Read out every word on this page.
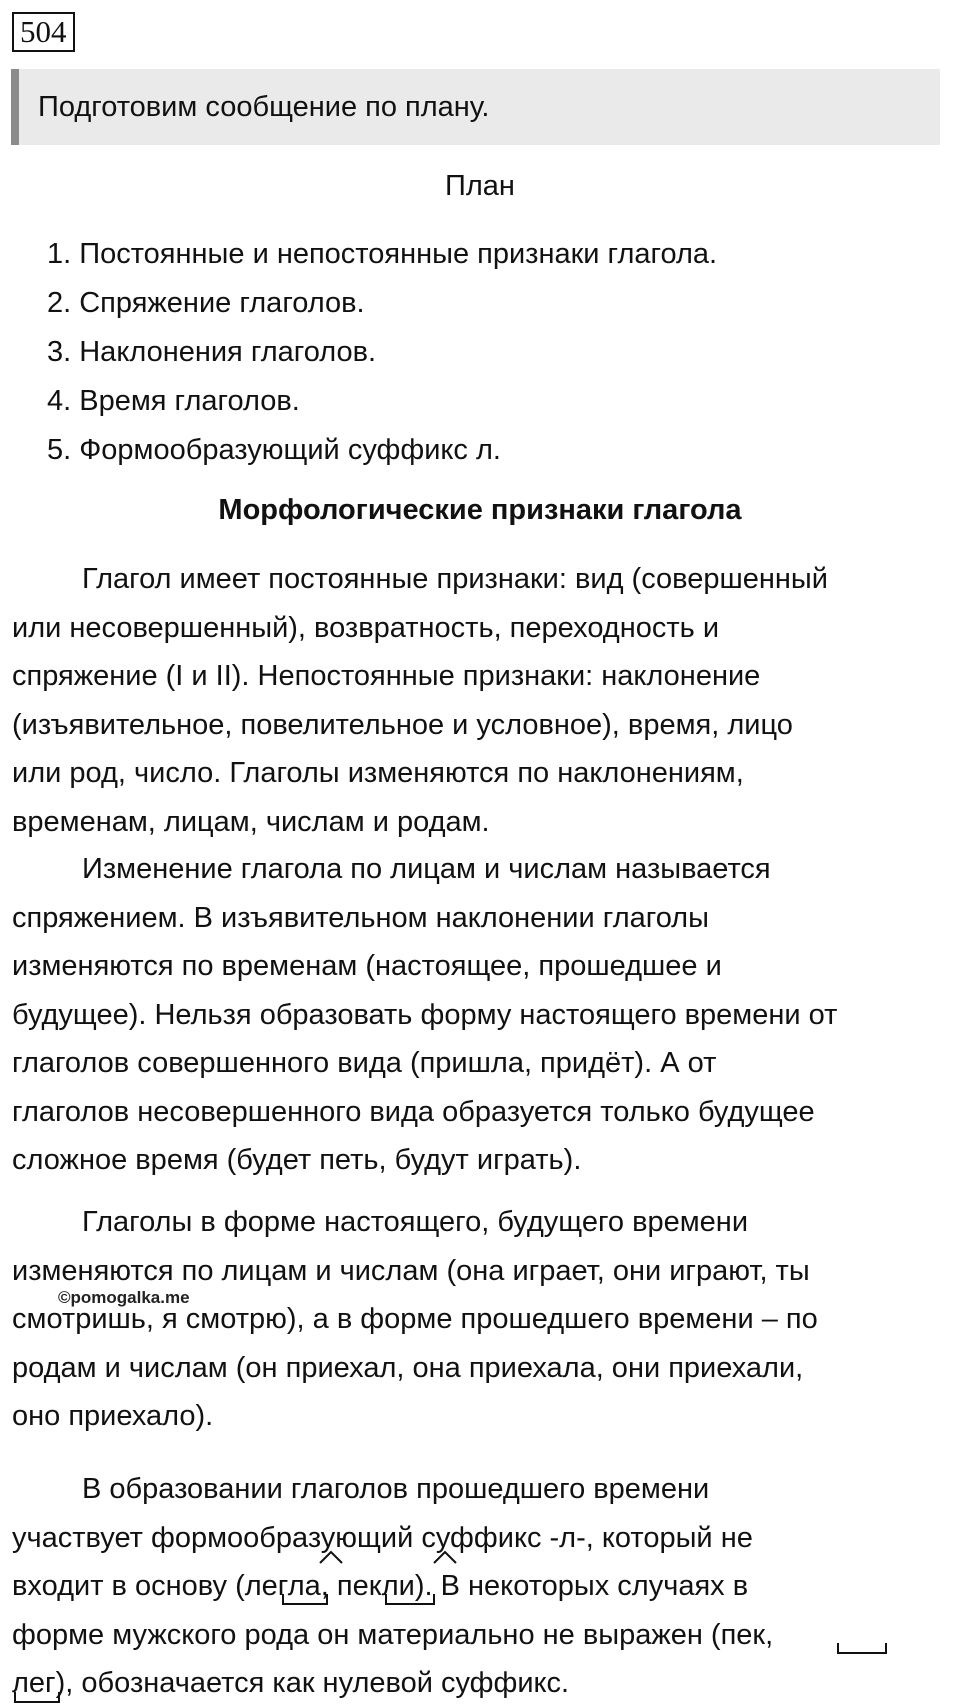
504
Подготовим сообщение по плану.
План
1. Постоянные и непостоянные признаки глагола.
2. Спряжение глаголов.
3. Наклонения глаголов.
4. Время глаголов.
5. Формообразующий суффикс л.
Морфологические признаки глагола

Глагол имеет постоянные признаки: вид (совершенный
или несовершенный), возвратность, переходность и
спряжение (I и II). Непостоянные признаки: наклонение
(изъявительное, повелительное и условное), время, лицо
или род, число. Глаголы изменяются по наклонениям,
временам, лицам, числам и родам.

Изменение глагола по лицам и числам называется
спряжением. В изъявительном наклонении глаголы
изменяются по временам (настоящее, прошедшее и
будущее). Нельзя образовать форму настоящего времени от
глаголов совершенного вида (пришла, придёт). А от
глаголов несовершенного вида образуется только будущее
сложное время (будет петь, будут играть).

Глаголы в форме настоящего, будущего времени
изменяются по лицам и числам (она играет, они играют, ты
смотришь, я смотрю), а в форме прошедшего времени – по
родам и числам (он приехал, она приехала, они приехали,
оно приехало).

В образовании глаголов прошедшего времени
участвует формообразующий суффикс -л-, который не
входит в основу (легла, пекли). В некоторых случаях в
форме мужского рода он материально не выражен (пек,
лег), обозначается как нулевой суффикс.

©pomogalka.me
